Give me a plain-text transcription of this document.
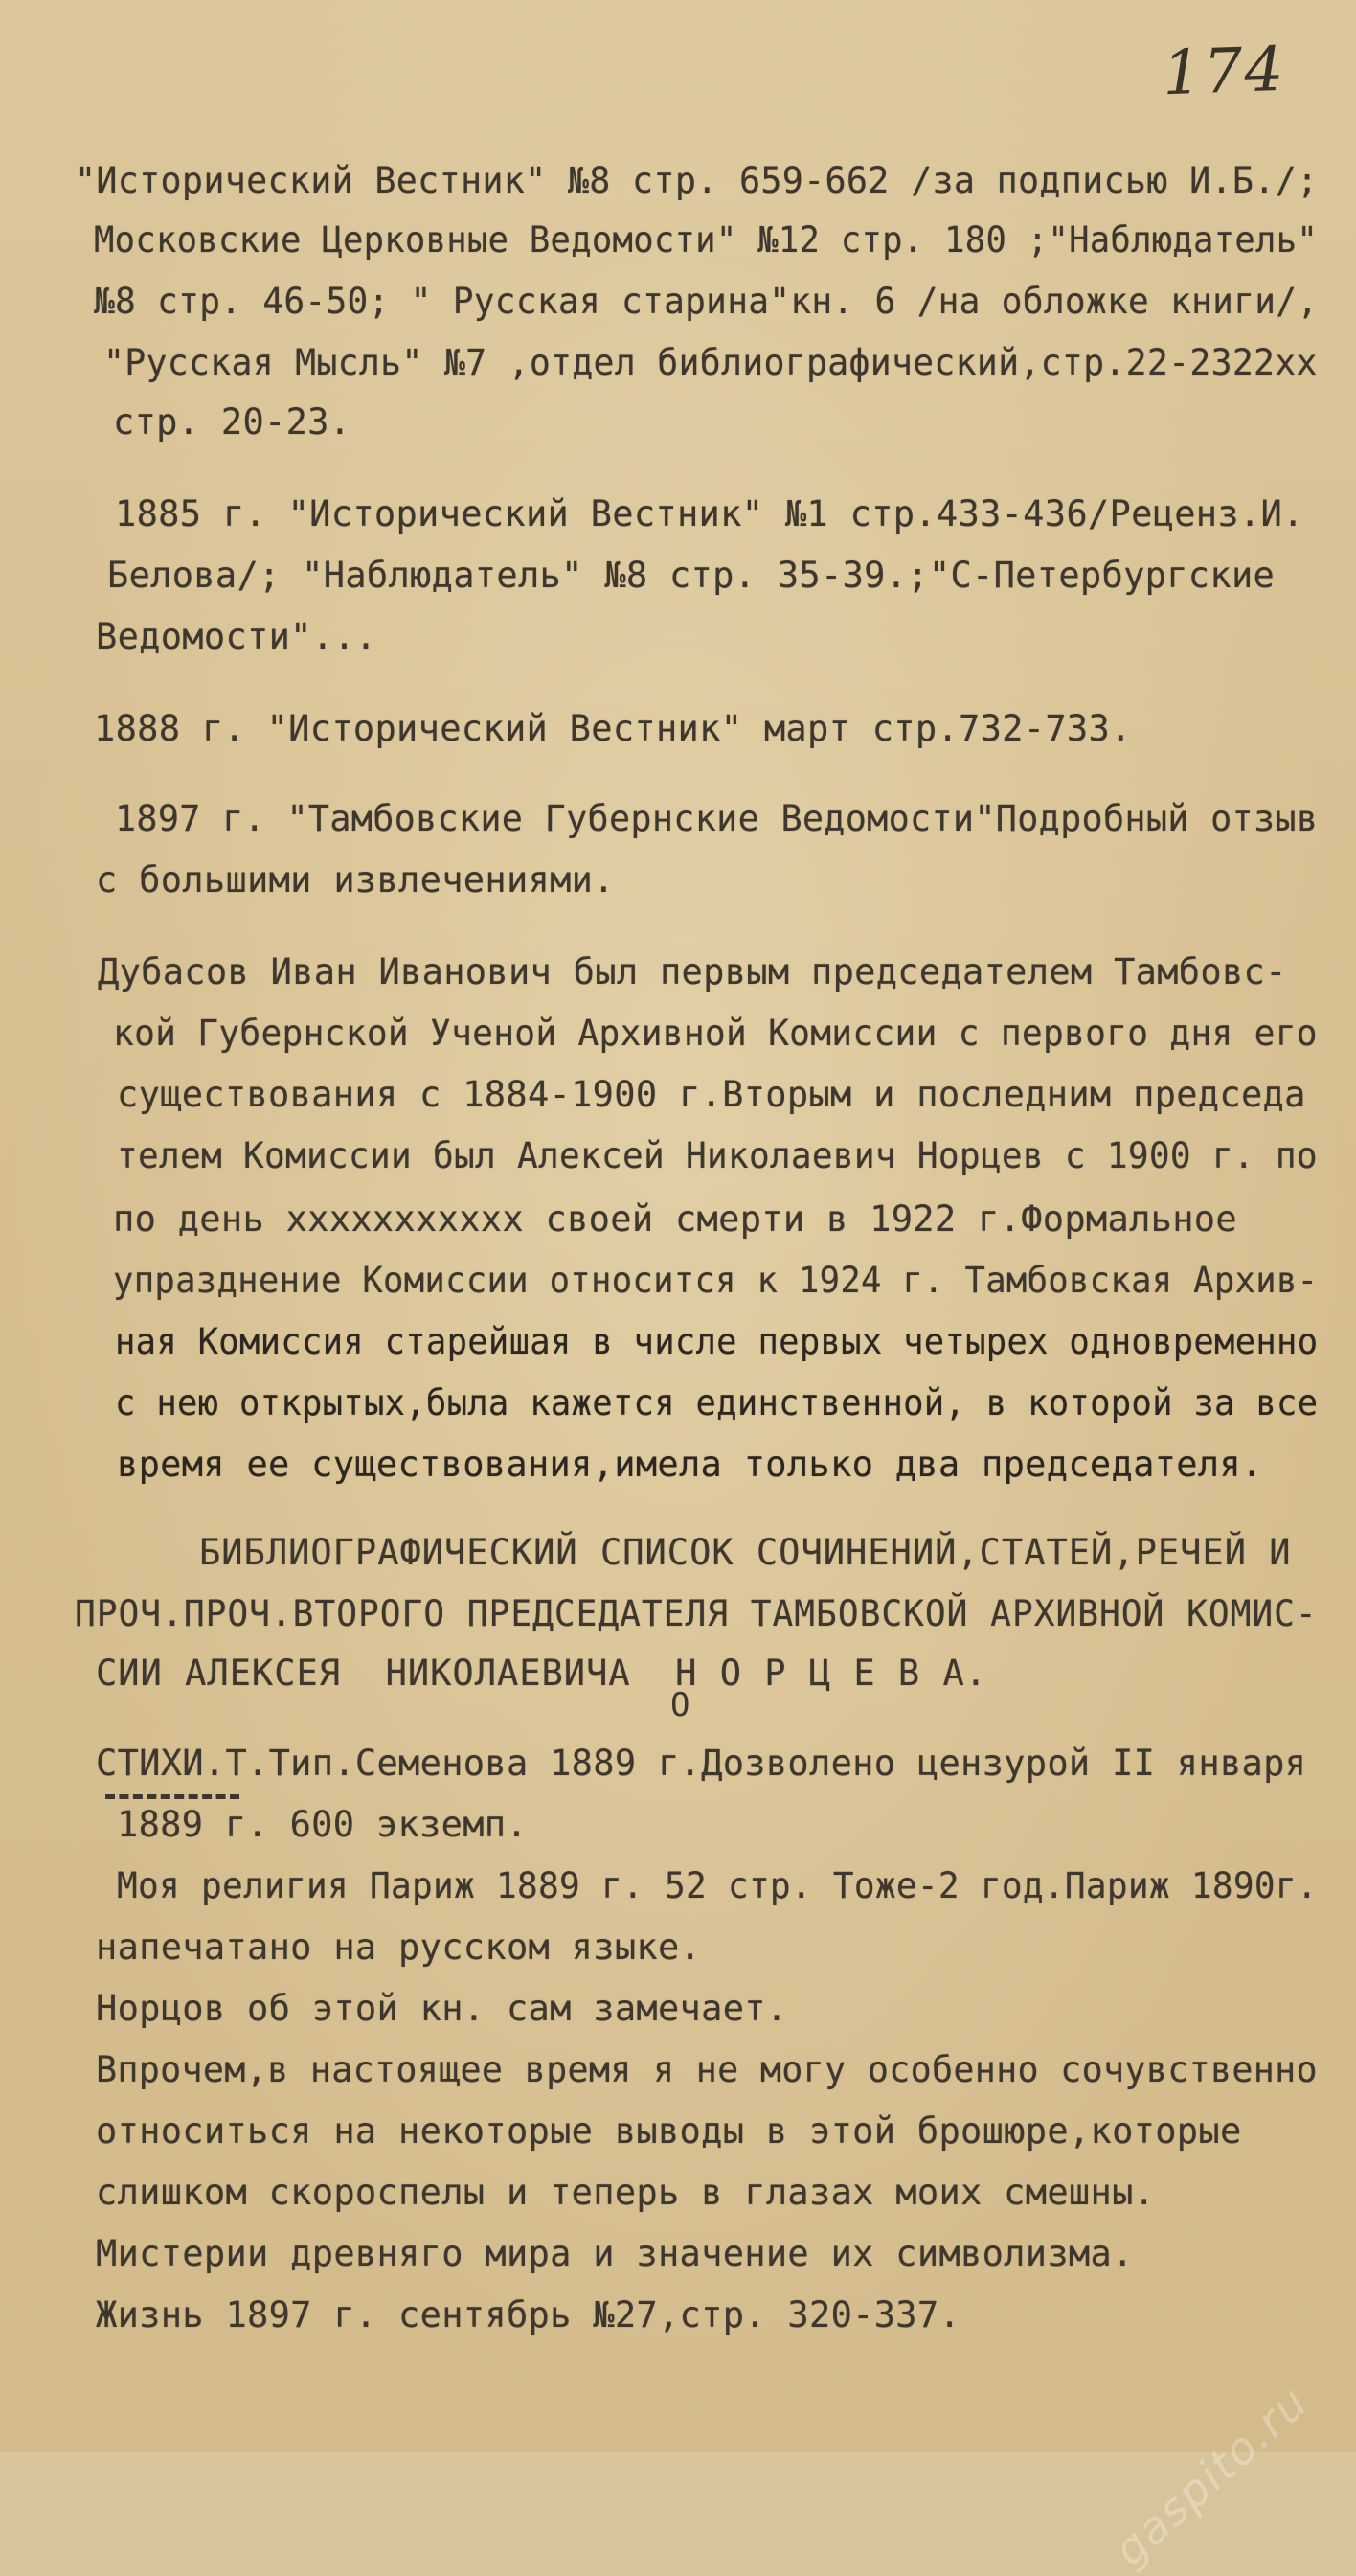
174
"Исторический Вестник" №8 стр. 659-662 /за подписью И.Б./;
Московские Церковные Ведомости" №12 стр. 180 ;"Наблюдатель"
№8 стр. 46-50; " Русская старина"кн. 6 /на обложке книги/,
"Русская Мысль" №7 ,отдел библиографический,стр.22-2322xx
стр. 20-23.
1885 г. "Исторический Вестник" №1 стр.433-436/Реценз.И.
Белова/; "Наблюдатель" №8 стр. 35-39.;"С-Петербургские
Ведомости"...
1888 г. "Исторический Вестник" март стр.732-733.
1897 г. "Тамбовские Губернские Ведомости"Подробный отзыв
с большими извлечениями.
Дубасов Иван Иванович был первым председателем Тамбовс-
кой Губернской Ученой Архивной Комиссии с первого дня его
существования с 1884-1900 г.Вторым и последним председа
телем Комиссии был Алексей Николаевич Норцев с 1900 г. по
по день xxxxxxxxxxx своей смерти в 1922 г.Формальное
упразднение Комиссии относится к 1924 г. Тамбовская Архив-
ная Комиссия старейшая в числе первых четырех одновременно
с нею открытых,была кажется единственной, в которой за все
время ее существования,имела только два председателя.
БИБЛИОГРАФИЧЕСКИЙ СПИСОК СОЧИНЕНИЙ,СТАТЕЙ,РЕЧЕЙ И
ПРОЧ.ПРОЧ.ВТОРОГО ПРЕДСЕДАТЕЛЯ ТАМБОВСКОЙ АРХИВНОЙ КОМИС-
СИИ АЛЕКСЕЯ  НИКОЛАЕВИЧА  Н О Р Ц Е В А.
О
СТИХИ.Т.Тип.Семенова 1889 г.Дозволено цензурой II января
1889 г. 600 экземп.
Моя религия Париж 1889 г. 52 стр. Тоже-2 год.Париж 1890г.
напечатано на русском языке.
Норцов об этой кн. сам замечает.
Впрочем,в настоящее время я не могу особенно сочувственно
относиться на некоторые выводы в этой брошюре,которые
слишком скороспелы и теперь в глазах моих смешны.
Мистерии древняго мира и значение их символизма.
Жизнь 1897 г. сентябрь №27,стр. 320-337.
gaspito.ru
